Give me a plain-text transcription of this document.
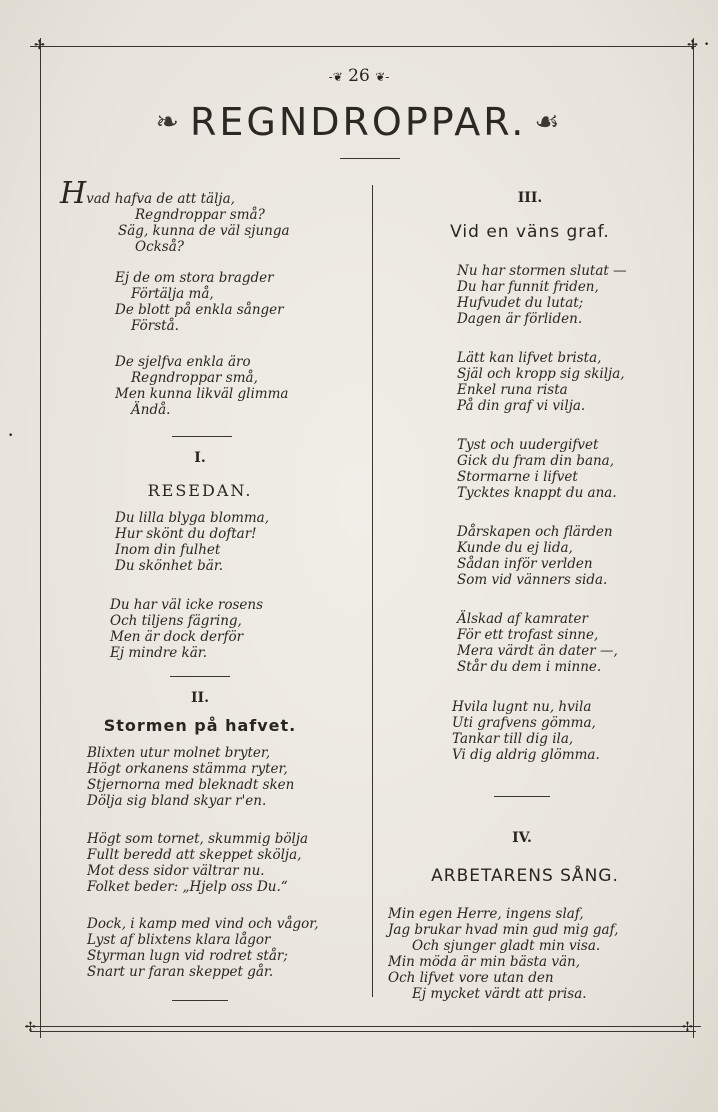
✢	✢
✢	✢
•
•
-❦ 26 ❦-
❧ REGNDROPPAR. ☙
Hvad hafva de att tälja,
Regndroppar små?
Säg, kunna de väl sjunga
Också?
Ej de om stora bragder
Förtälja må,
De blott på enkla sånger
Förstå.
De sjelfva enkla äro
Regndroppar små,
Men kunna likväl glimma
Ändå.
I.
RESEDAN.
Du lilla blyga blomma,
Hur skönt du doftar!
Inom din fulhet
Du skönhet bär.
Du har väl icke rosens
Och tiljens fägring,
Men är dock derför
Ej mindre kär.
II.
Stormen på hafvet.
Blixten utur molnet bryter,
Högt orkanens stämma ryter,
Stjernorna med bleknadt sken
Dölja sig bland skyar r'en.
Högt som tornet, skummig bölja
Fullt beredd att skeppet skölja,
Mot dess sidor vältrar nu.
Folket beder: „Hjelp oss Du.“
Dock, i kamp med vind och vågor,
Lyst af blixtens klara lågor
Styrman lugn vid rodret står;
Snart ur faran skeppet går.
III.
Vid en väns graf.
Nu har stormen slutat —
Du har funnit friden,
Hufvudet du lutat;
Dagen är förliden.
Lätt kan lifvet brista,
Själ och kropp sig skilja,
Enkel runa rista
På din graf vi vilja.
Tyst och uudergifvet
Gick du fram din bana,
Stormarne i lifvet
Tycktes knappt du ana.
Dårskapen och flärden
Kunde du ej lida,
Sådan inför verlden
Som vid vänners sida.
Älskad af kamrater
För ett trofast sinne,
Mera värdt än dater —,
Står du dem i minne.
Hvila lugnt nu, hvila
Uti grafvens gömma,
Tankar till dig ila,
Vi dig aldrig glömma.
IV.
ARBETARENS SÅNG.
Min egen Herre, ingens slaf,
Jag brukar hvad min gud mig gaf,
Och sjunger gladt min visa.
Min möda är min bästa vän,
Och lifvet vore utan den
Ej mycket värdt att prisa.
